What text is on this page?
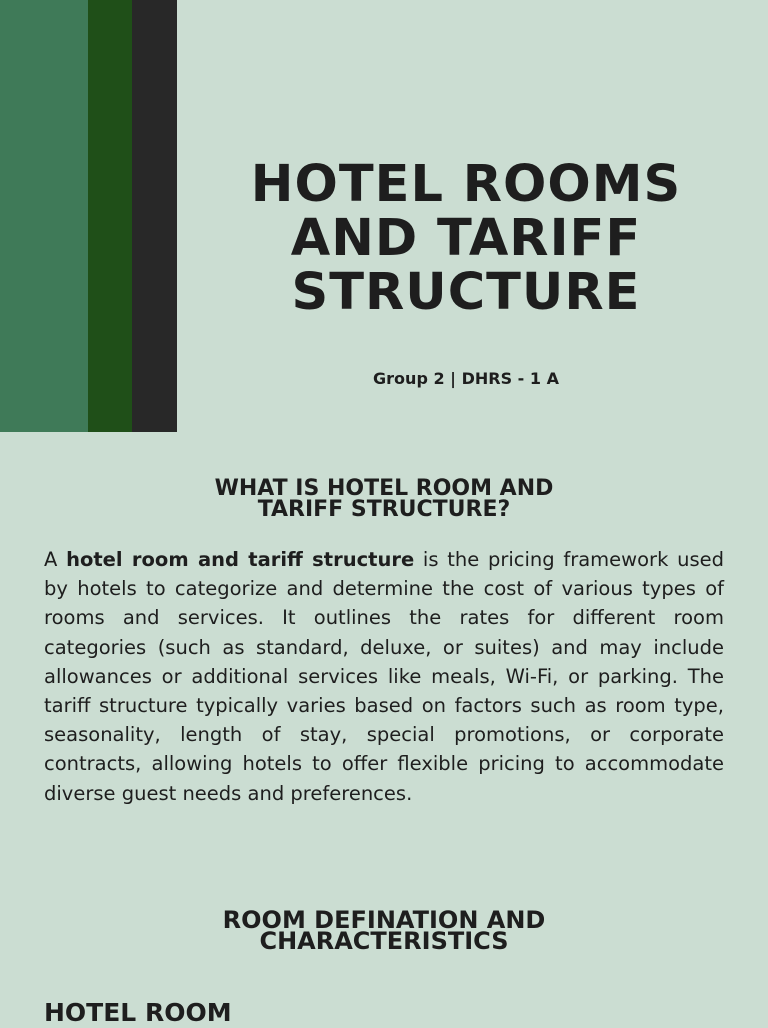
HOTEL ROOMS
AND TARIFF
STRUCTURE
Group 2 | DHRS - 1 A
WHAT IS HOTEL ROOM AND
TARIFF STRUCTURE?

A hotel room and tariff structure is the pricing framework used by hotels to categorize and determine the cost of various types of rooms and services. It outlines the rates for different room categories (such as standard, deluxe, or suites) and may include allowances or additional services like meals, Wi-Fi, or parking. The tariff structure typically varies based on factors such as room type, seasonality, length of stay, special promotions, or corporate contracts, allowing hotels to offer flexible pricing to accommodate diverse guest needs and preferences.

ROOM DEFINATION AND
CHARACTERISTICS
HOTEL ROOM
